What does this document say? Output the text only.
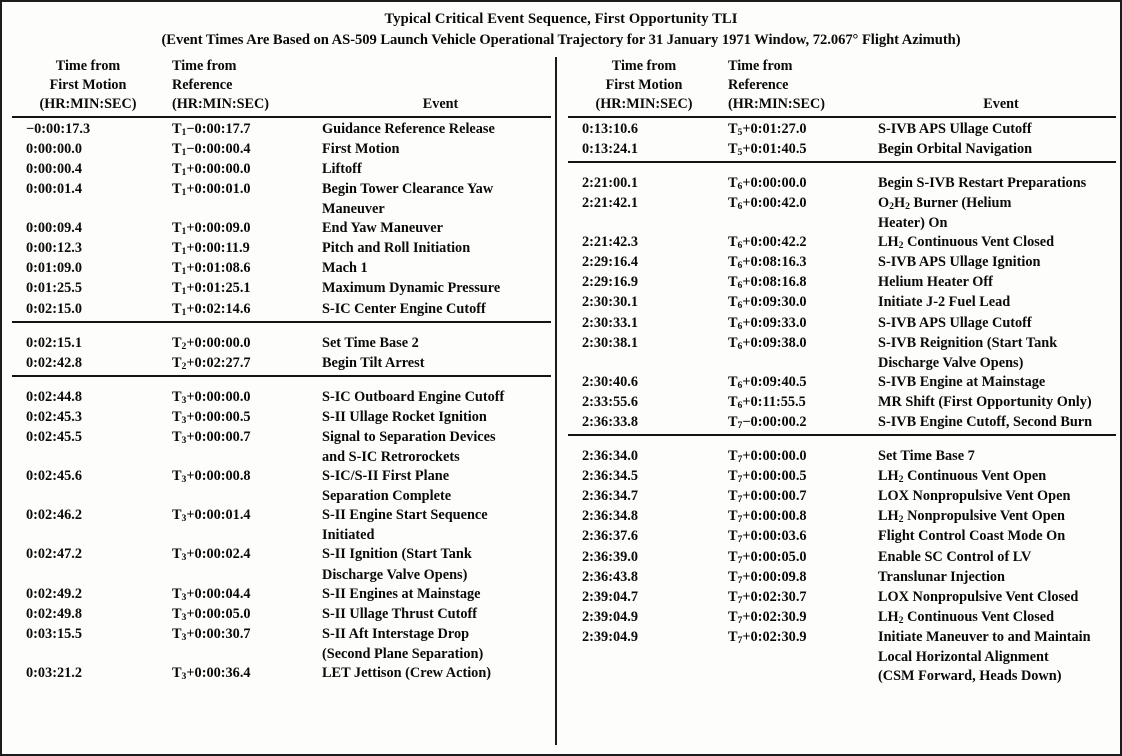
Typical Critical Event Sequence, First Opportunity TLI
(Event Times Are Based on AS-509 Launch Vehicle Operational Trajectory for 31 January 1971 Window, 72.067° Flight Azimuth)
Time from	Time from
First Motion	Reference
(HR:MIN:SEC)	(HR:MIN:SEC)	Event
−0:00:17.3	$T_1-0:00:17.7$	Guidance Reference Release
0:00:00.0	$T_1-0:00:00.4$	First Motion
0:00:00.4	$T_1+0:00:00.0$	Liftoff
0:00:01.4	$T_1+0:00:01.0$	Begin Tower Clearance Yaw
Maneuver
0:00:09.4	$T_1+0:00:09.0$	End Yaw Maneuver
0:00:12.3	$T_1+0:00:11.9$	Pitch and Roll Initiation
0:01:09.0	$T_1+0:01:08.6$	Mach 1
0:01:25.5	$T_1+0:01:25.1$	Maximum Dynamic Pressure
0:02:15.0	$T_1+0:02:14.6$	S-IC Center Engine Cutoff
0:02:15.1	$T_2+0:00:00.0$	Set Time Base 2
0:02:42.8	$T_2+0:02:27.7$	Begin Tilt Arrest
0:02:44.8	$T_3+0:00:00.0$	S-IC Outboard Engine Cutoff
0:02:45.3	$T_3+0:00:00.5$	S-II Ullage Rocket Ignition
0:02:45.5	$T_3+0:00:00.7$	Signal to Separation Devices
and S-IC Retrorockets
0:02:45.6	$T_3+0:00:00.8$	S-IC/S-II First Plane
Separation Complete
0:02:46.2	$T_3+0:00:01.4$	S-II Engine Start Sequence
Initiated
0:02:47.2	$T_3+0:00:02.4$	S-II Ignition (Start Tank
Discharge Valve Opens)
0:02:49.2	$T_3+0:00:04.4$	S-II Engines at Mainstage
0:02:49.8	$T_3+0:00:05.0$	S-II Ullage Thrust Cutoff
0:03:15.5	$T_3+0:00:30.7$	S-II Aft Interstage Drop
(Second Plane Separation)
0:03:21.2	$T_3+0:00:36.4$	LET Jettison (Crew Action)
Time from	Time from
First Motion	Reference
(HR:MIN:SEC)	(HR:MIN:SEC)	Event
0:13:10.6	$T_5+0:01:27.0$	S-IVB APS Ullage Cutoff
0:13:24.1	$T_5+0:01:40.5$	Begin Orbital Navigation
2:21:00.1	$T_6+0:00:00.0$	Begin S-IVB Restart Preparations
2:21:42.1	$T_6+0:00:42.0$	$O_2H_2$ Burner (Helium
Heater) On
2:21:42.3	$T_6+0:00:42.2$	$LH_2$ Continuous Vent Closed
2:29:16.4	$T_6+0:08:16.3$	S-IVB APS Ullage Ignition
2:29:16.9	$T_6+0:08:16.8$	Helium Heater Off
2:30:30.1	$T_6+0:09:30.0$	Initiate J-2 Fuel Lead
2:30:33.1	$T_6+0:09:33.0$	S-IVB APS Ullage Cutoff
2:30:38.1	$T_6+0:09:38.0$	S-IVB Reignition (Start Tank
Discharge Valve Opens)
2:30:40.6	$T_6+0:09:40.5$	S-IVB Engine at Mainstage
2:33:55.6	$T_6+0:11:55.5$	MR Shift (First Opportunity Only)
2:36:33.8	$T_7-0:00:00.2$	S-IVB Engine Cutoff, Second Burn
2:36:34.0	$T_7+0:00:00.0$	Set Time Base 7
2:36:34.5	$T_7+0:00:00.5$	$LH_2$ Continuous Vent Open
2:36:34.7	$T_7+0:00:00.7$	LOX Nonpropulsive Vent Open
2:36:34.8	$T_7+0:00:00.8$	$LH_2$ Nonpropulsive Vent Open
2:36:37.6	$T_7+0:00:03.6$	Flight Control Coast Mode On
2:36:39.0	$T_7+0:00:05.0$	Enable SC Control of LV
2:36:43.8	$T_7+0:00:09.8$	Translunar Injection
2:39:04.7	$T_7+0:02:30.7$	LOX Nonpropulsive Vent Closed
2:39:04.9	$T_7+0:02:30.9$	$LH_2$ Continuous Vent Closed
2:39:04.9	$T_7+0:02:30.9$	Initiate Maneuver to and Maintain
Local Horizontal Alignment
(CSM Forward, Heads Down)
